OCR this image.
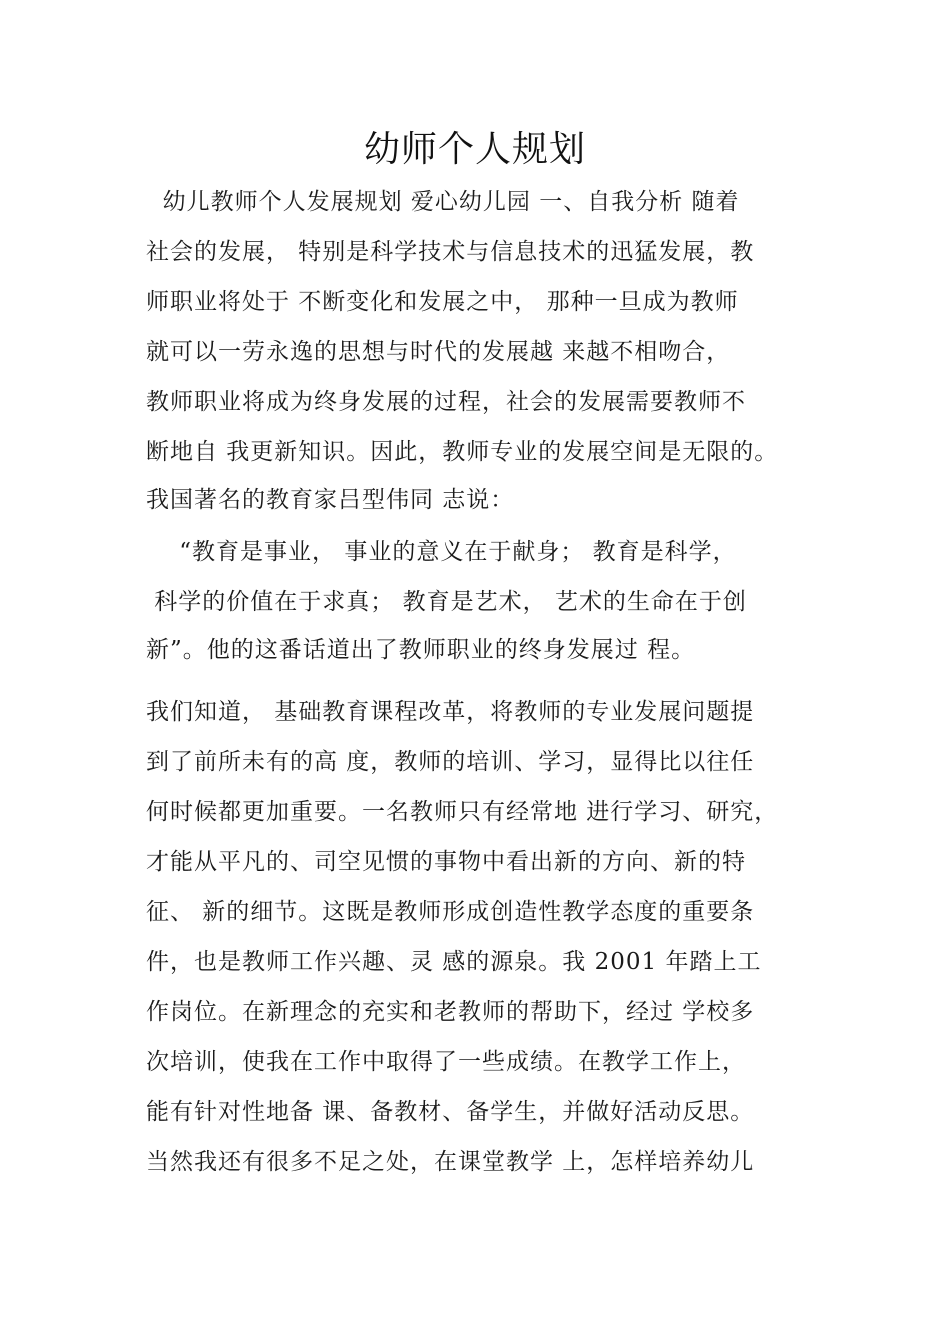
幼师个人规划
幼儿教师个人发展规划 爱心幼儿园 一、自我分析 随着
社会的发展， 特别是科学技术与信息技术的迅猛发展，教
师职业将处于 不断变化和发展之中， 那种一旦成为教师
就可以一劳永逸的思想与时代的发展越 来越不相吻合，
教师职业将成为终身发展的过程，社会的发展需要教师不
断地自 我更新知识。因此，教师专业的发展空间是无限的。
我国著名的教育家吕型伟同 志说：
“教育是事业， 事业的意义在于献身； 教育是科学，
科学的价值在于求真； 教育是艺术， 艺术的生命在于创
新”。他的这番话道出了教师职业的终身发展过 程。
我们知道， 基础教育课程改革，将教师的专业发展问题提
到了前所未有的高 度，教师的培训、学习，显得比以往任
何时候都更加重要。一名教师只有经常地 进行学习、研究，
才能从平凡的、司空见惯的事物中看出新的方向、新的特
征、 新的细节。这既是教师形成创造性教学态度的重要条
件，也是教师工作兴趣、灵 感的源泉。我 2001 年踏上工
作岗位。在新理念的充实和老教师的帮助下，经过 学校多
次培训，使我在工作中取得了一些成绩。在教学工作上，
能有针对性地备 课、备教材、备学生，并做好活动反思。
当然我还有很多不足之处，在课堂教学 上，怎样培养幼儿
